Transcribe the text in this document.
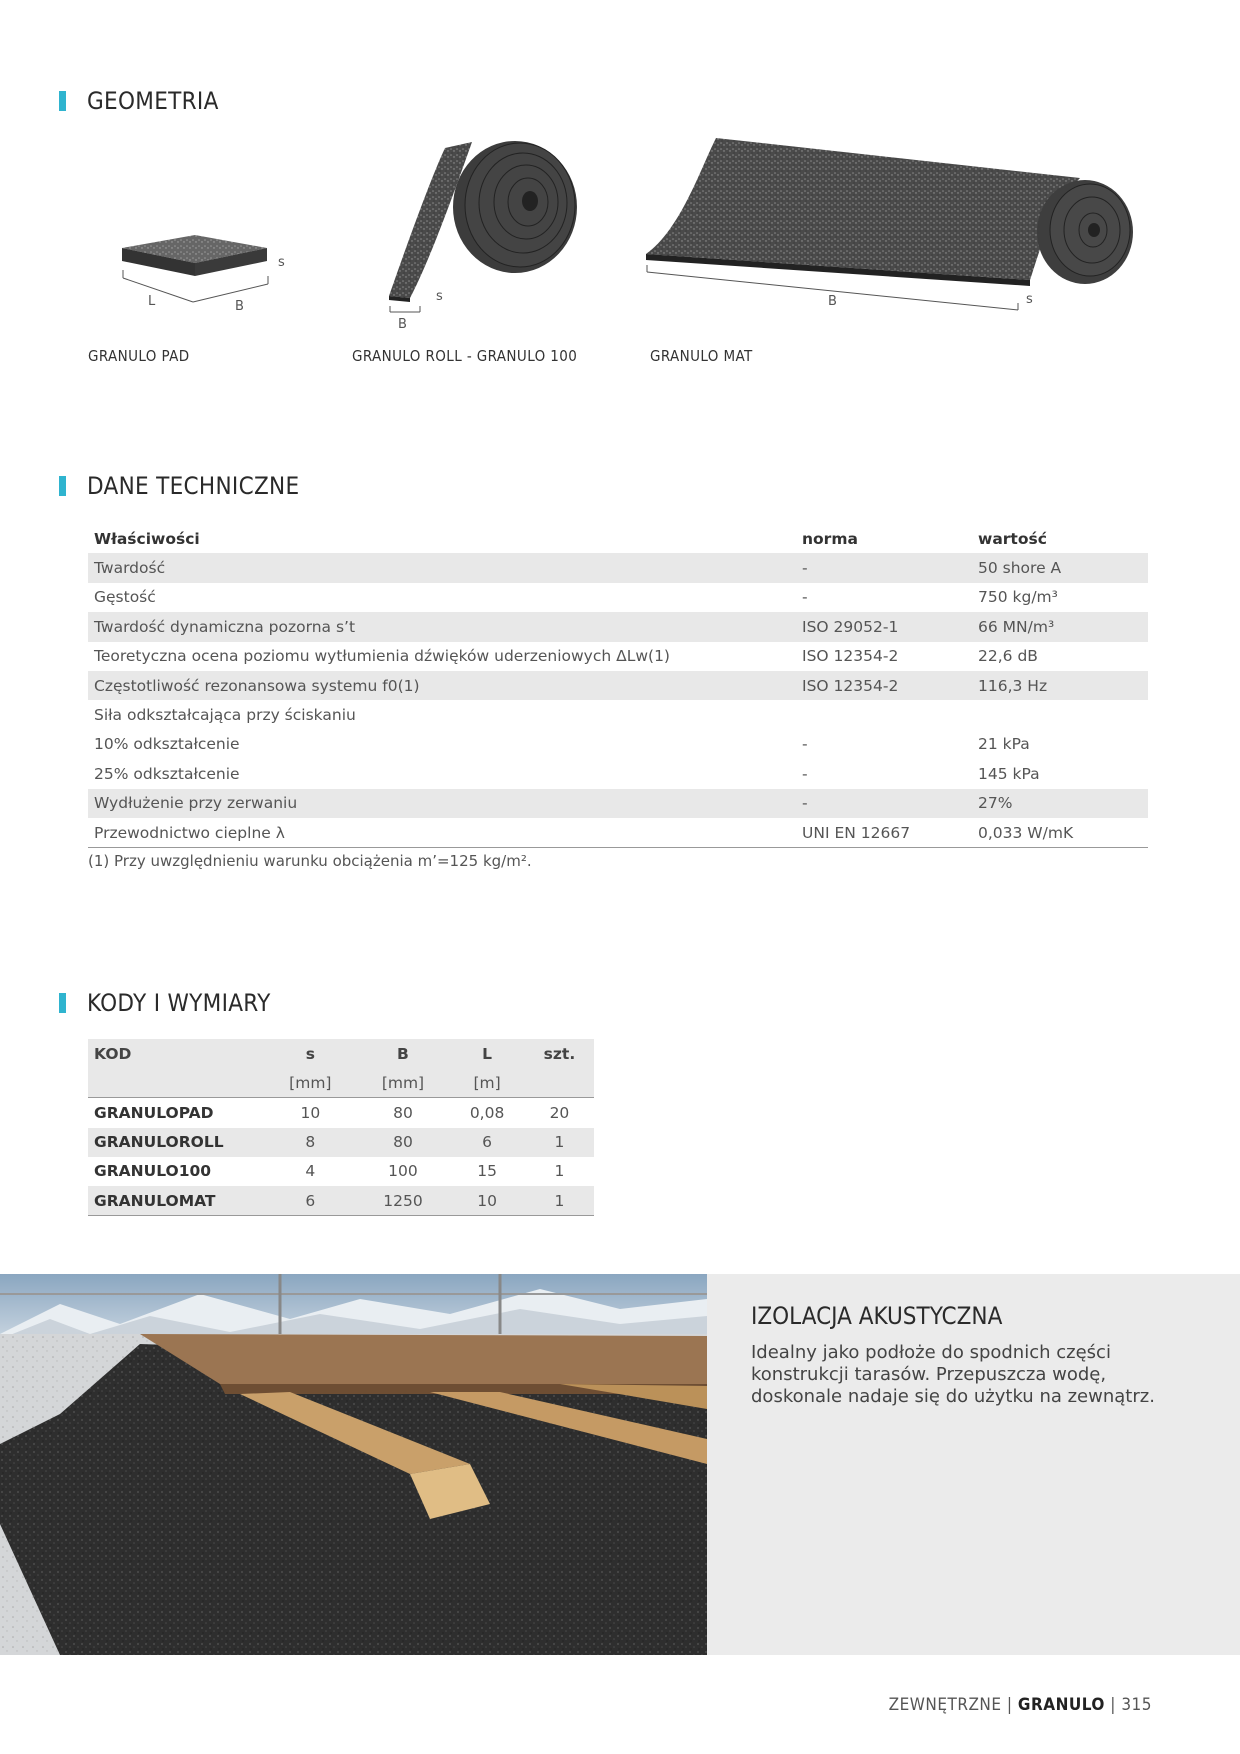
GEOMETRIA
L	B
s
B
s	B	s
GRANULO PAD	GRANULO ROLL - GRANULO 100	GRANULO MAT
DANE TECHNICZNE
Właściwości	norma	wartość
Twardość	-	50 shore A
Gęstość	-	750 kg/m³
Twardość dynamiczna pozorna s’t	ISO 29052-1	66 MN/m³
Teoretyczna ocena poziomu wytłumienia dźwięków uderzeniowych ΔLw(1)	ISO 12354-2	22,6 dB
Częstotliwość rezonansowa systemu f0(1)	ISO 12354-2	116,3 Hz
Siła odkształcająca przy ściskaniu		
10% odkształcenie	-	21 kPa
25% odkształcenie	-	145 kPa
Wydłużenie przy zerwaniu	-	27%
Przewodnictwo cieplne λ	UNI EN 12667	0,033 W/mK
(1) Przy uwzględnieniu warunku obciążenia m’=125 kg/m².
KODY I WYMIARY
KOD	s	B	L	szt.
	[mm]	[mm]	[m]	
GRANULOPAD	10	80	0,08	20
GRANULOROLL	8	80	6	1
GRANULO100	4	100	15	1
GRANULOMAT	6	1250	10	1
IZOLACJA AKUSTYCZNA
Idealny jako podłoże do spodnich części konstrukcji tarasów. Przepuszcza wodę, doskonale nadaje się do użytku na zewnątrz.
ZEWNĘTRZNE | GRANULO | 315
